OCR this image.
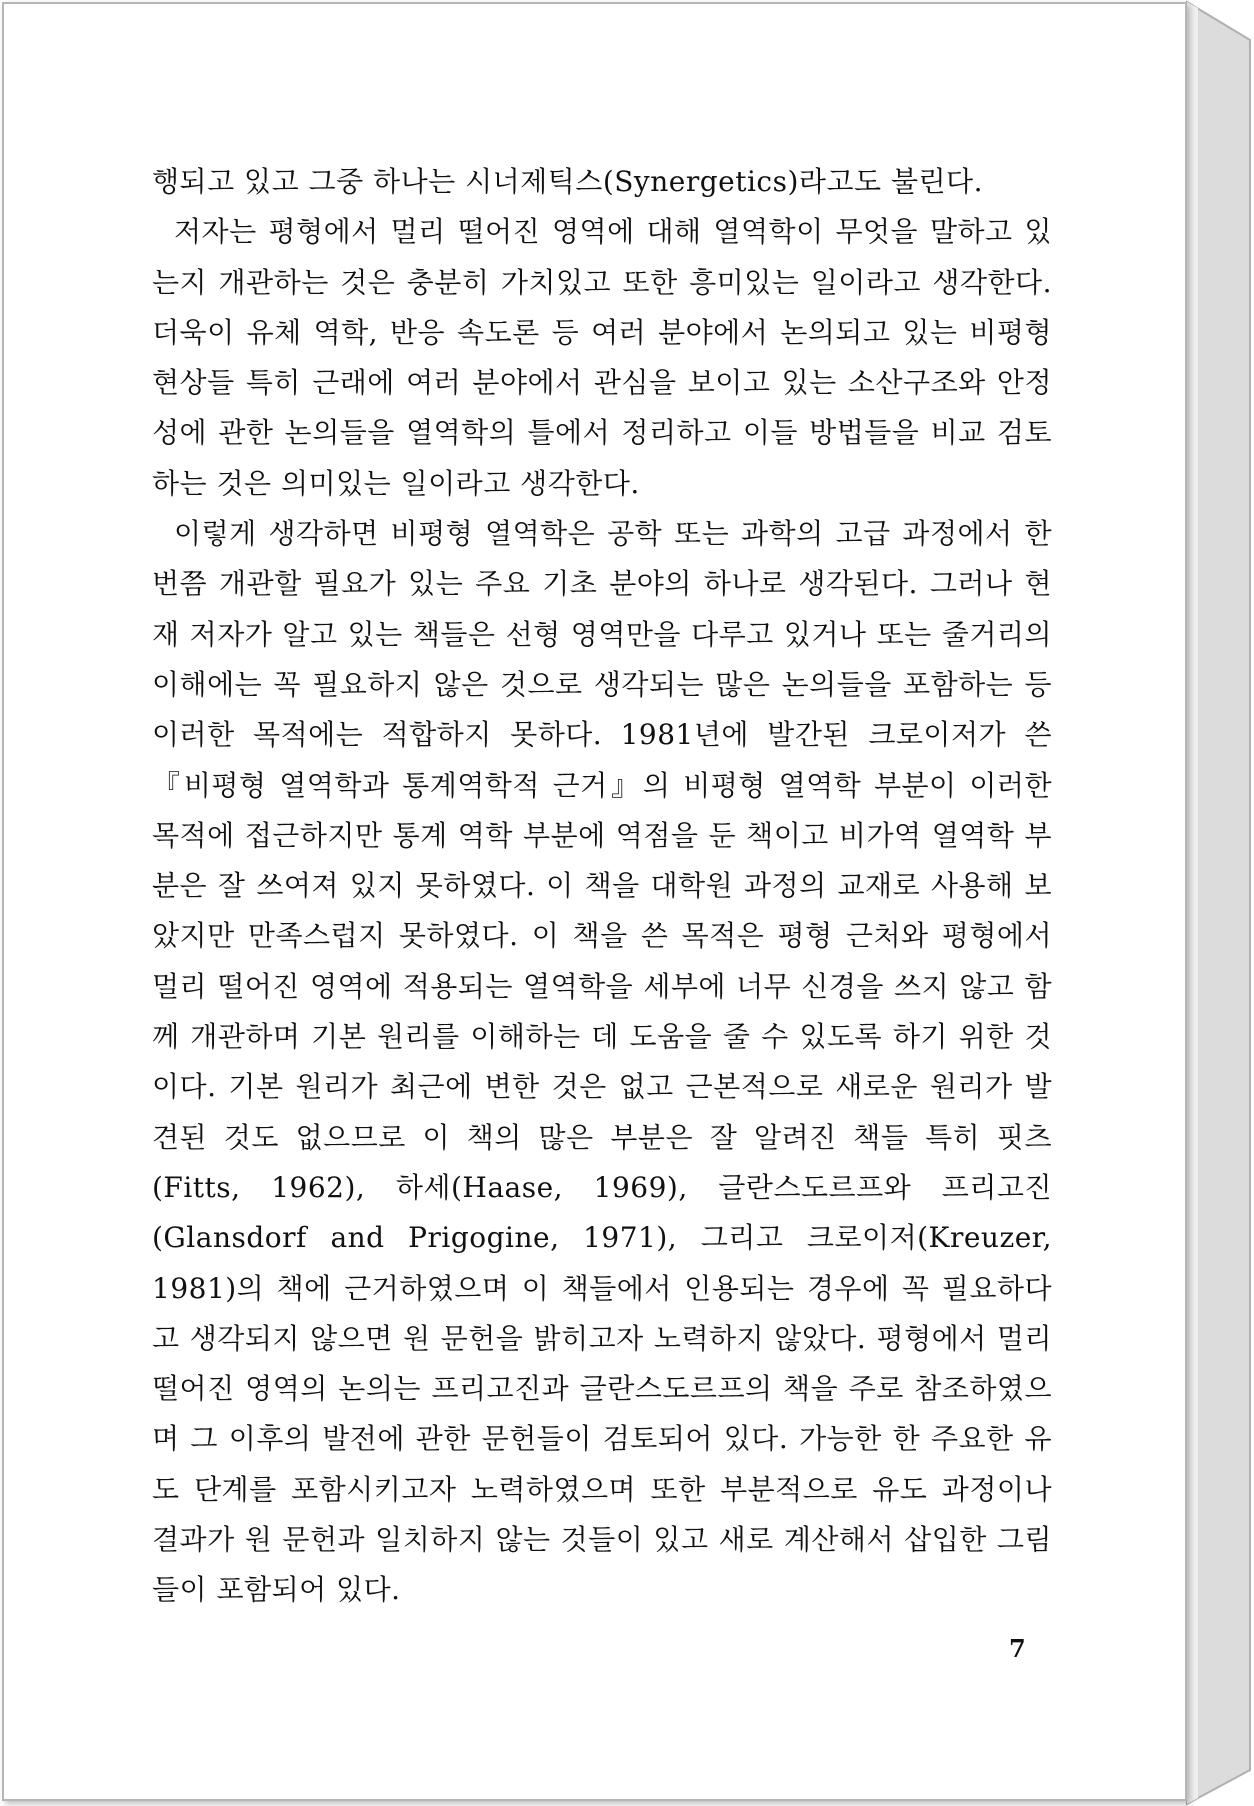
행되고 있고 그중 하나는 시너제틱스(Synergetics)라고도 불린다.

저자는 평형에서 멀리 떨어진 영역에 대해 열역학이 무엇을 말하고 있는지 개관하는 것은 충분히 가치있고 또한 흥미있는 일이라고 생각한다. 더욱이 유체 역학, 반응 속도론 등 여러 분야에서 논의되고 있는 비평형 현상들 특히 근래에 여러 분야에서 관심을 보이고 있는 소산구조와 안정성에 관한 논의들을 열역학의 틀에서 정리하고 이들 방법들을 비교 검토하는 것은 의미있는 일이라고 생각한다.

이렇게 생각하면 비평형 열역학은 공학 또는 과학의 고급 과정에서 한번쯤 개관할 필요가 있는 주요 기초 분야의 하나로 생각된다. 그러나 현재 저자가 알고 있는 책들은 선형 영역만을 다루고 있거나 또는 줄거리의 이해에는 꼭 필요하지 않은 것으로 생각되는 많은 논의들을 포함하는 등 이러한 목적에는 적합하지 못하다. 1981년에 발간된 크로이저가 쓴 『비평형 열역학과 통계역학적 근거』의 비평형 열역학 부분이 이러한 목적에 접근하지만 통계 역학 부분에 역점을 둔 책이고 비가역 열역학 부분은 잘 쓰여져 있지 못하였다. 이 책을 대학원 과정의 교재로 사용해 보았지만 만족스럽지 못하였다. 이 책을 쓴 목적은 평형 근처와 평형에서 멀리 떨어진 영역에 적용되는 열역학을 세부에 너무 신경을 쓰지 않고 함께 개관하며 기본 원리를 이해하는 데 도움을 줄 수 있도록 하기 위한 것이다. 기본 원리가 최근에 변한 것은 없고 근본적으로 새로운 원리가 발견된 것도 없으므로 이 책의 많은 부분은 잘 알려진 책들 특히 핏츠(Fitts, 1962), 하세(Haase, 1969), 글란스도르프와 프리고진(Glansdorf and Prigogine, 1971), 그리고 크로이저(Kreuzer, 1981)의 책에 근거하였으며 이 책들에서 인용되는 경우에 꼭 필요하다고 생각되지 않으면 원 문헌을 밝히고자 노력하지 않았다. 평형에서 멀리 떨어진 영역의 논의는 프리고진과 글란스도르프의 책을 주로 참조하였으며 그 이후의 발전에 관한 문헌들이 검토되어 있다. 가능한 한 주요한 유도 단계를 포함시키고자 노력하였으며 또한 부분적으로 유도 과정이나 결과가 원 문헌과 일치하지 않는 것들이 있고 새로 계산해서 삽입한 그림들이 포함되어 있다.

7
